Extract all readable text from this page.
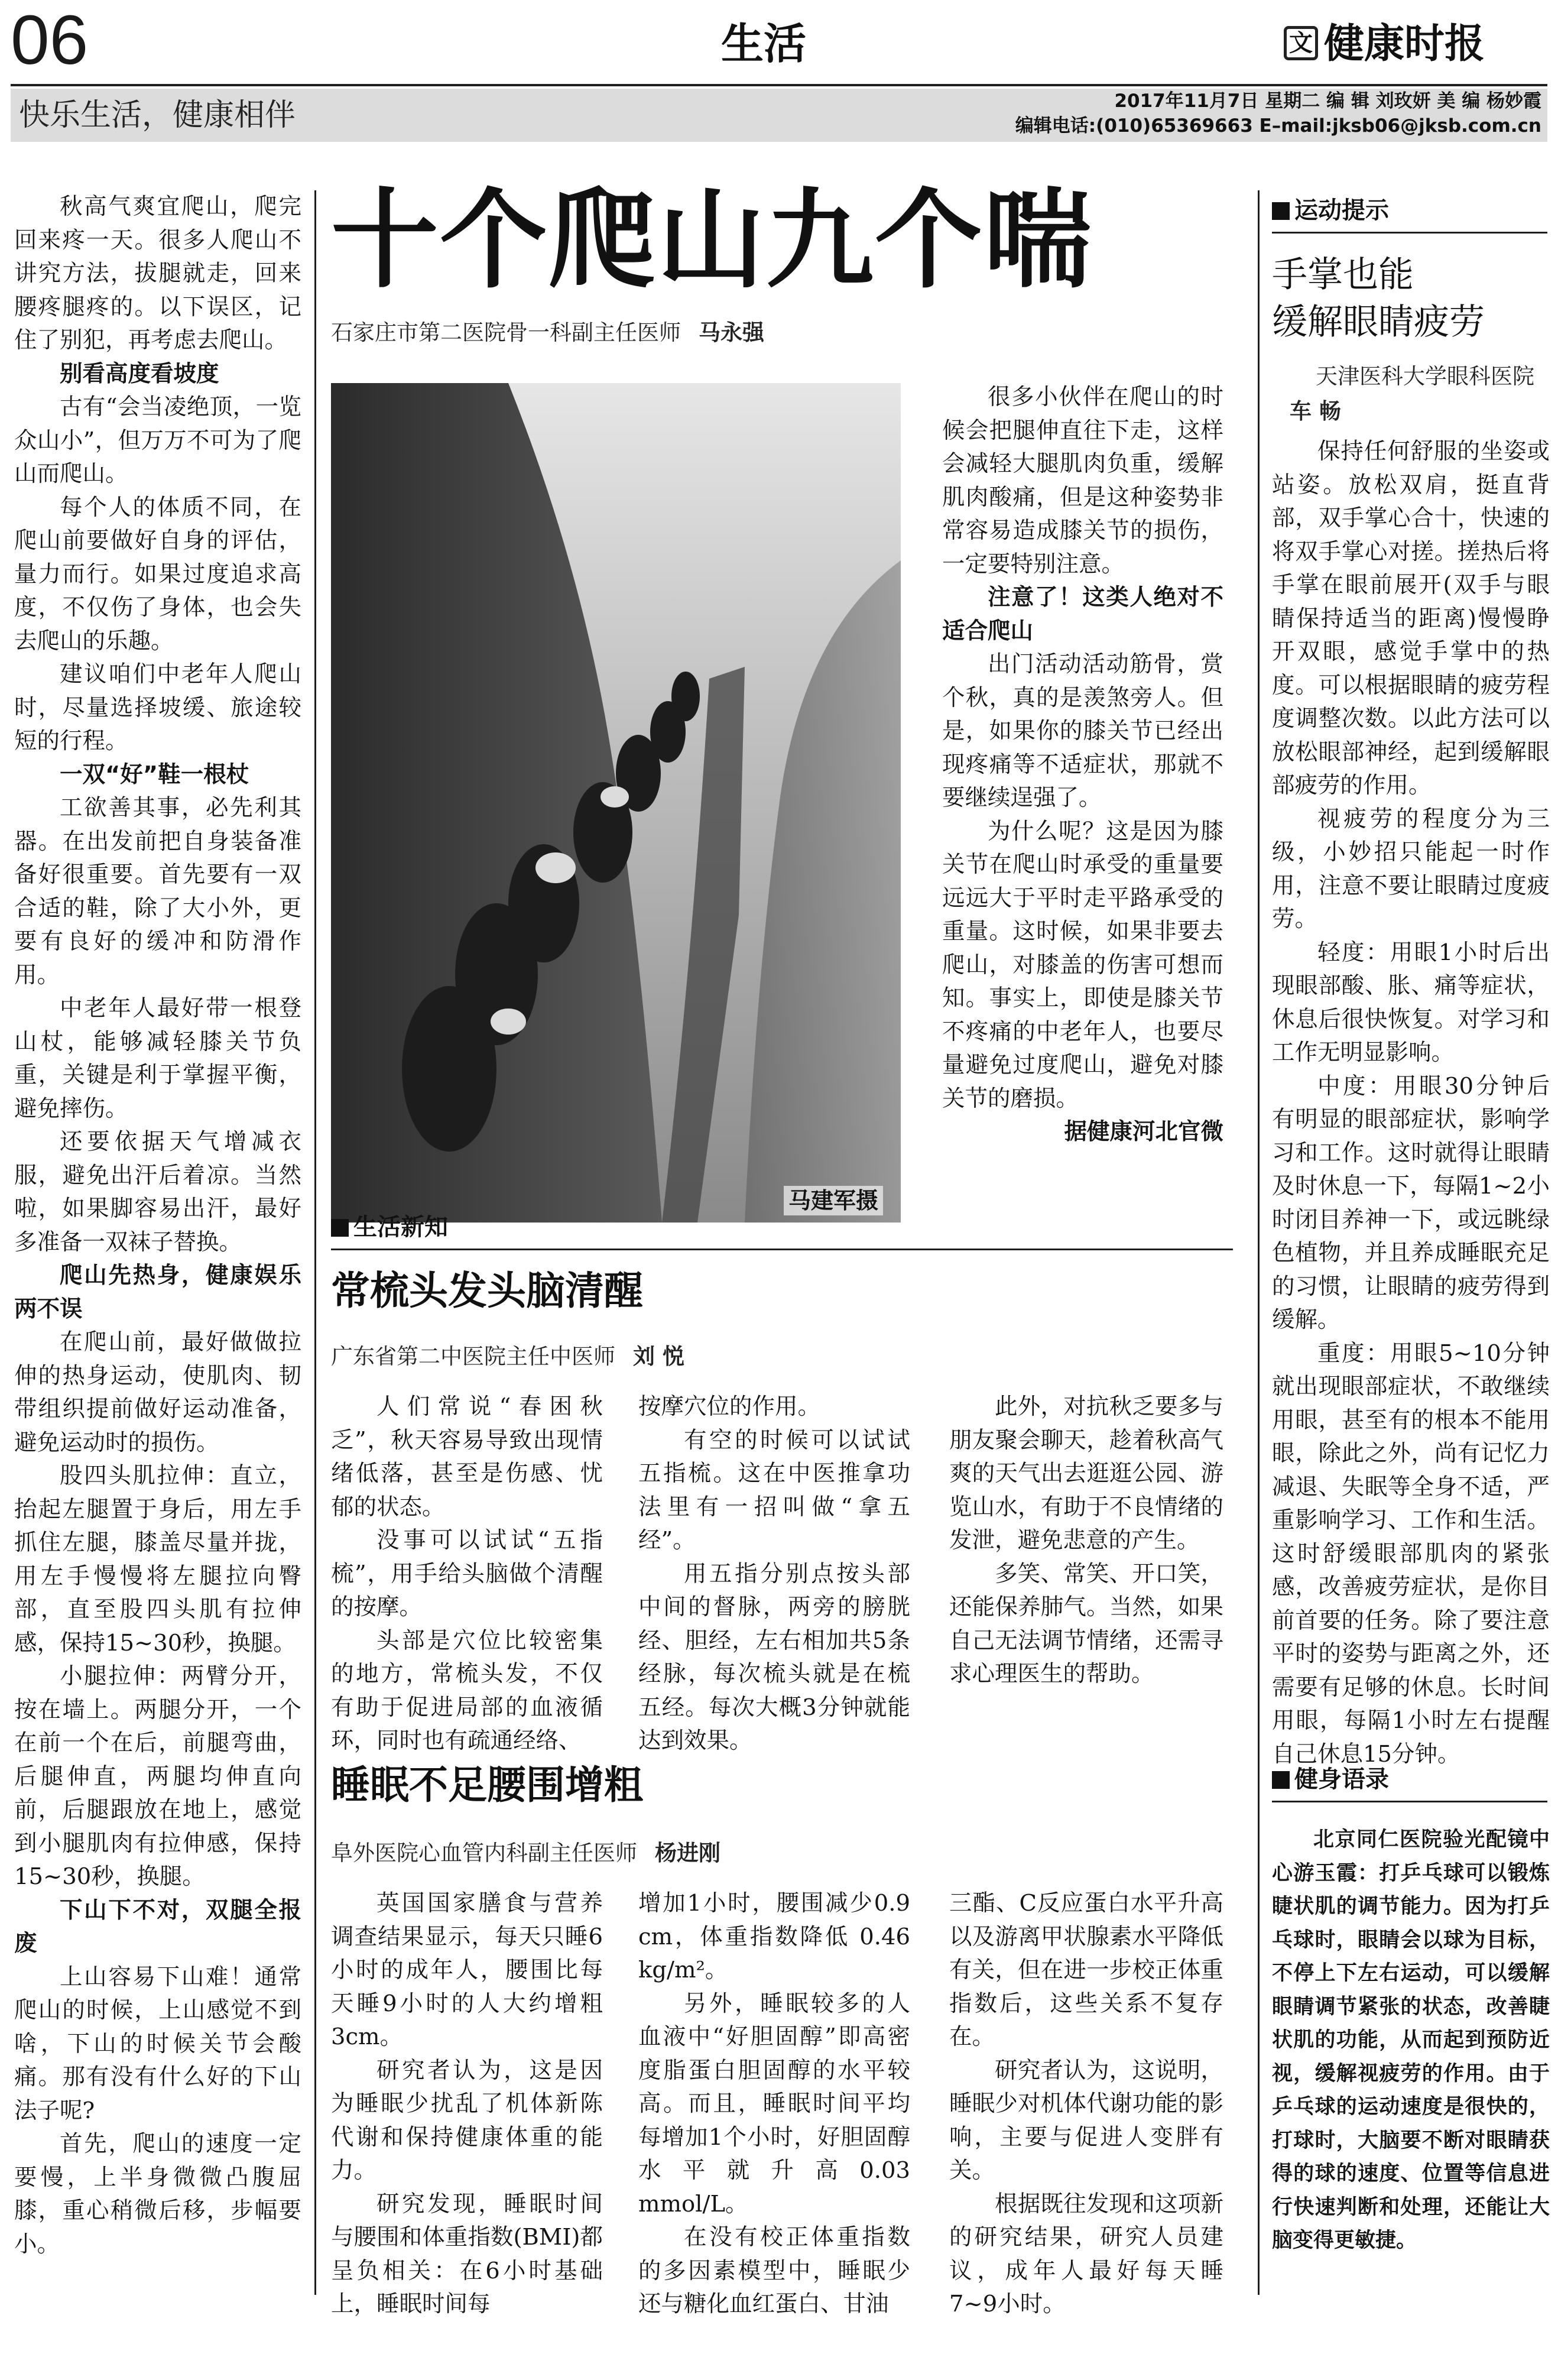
06	生活	文 健康时报
快乐生活，健康相伴	2017年11月7日 星期二 编 辑 刘玫妍 美 编 杨妙霞
编辑电话:(010)65369663 E–mail:jksb06@jksb.com.cn
十个爬山九个喘
石家庄市第二医院骨一科副主任医师 马永强

秋高气爽宜爬山，爬完回来疼一天。很多人爬山不讲究方法，拔腿就走，回来腰疼腿疼的。以下误区，记住了别犯，再考虑去爬山。

别看高度看坡度

古有“会当凌绝顶，一览众山小”，但万万不可为了爬山而爬山。

每个人的体质不同，在爬山前要做好自身的评估，量力而行。如果过度追求高度，不仅伤了身体，也会失去爬山的乐趣。

建议咱们中老年人爬山时，尽量选择坡缓、旅途较短的行程。

一双“好”鞋一根杖

工欲善其事，必先利其器。在出发前把自身装备准备好很重要。首先要有一双合适的鞋，除了大小外，更要有良好的缓冲和防滑作用。

中老年人最好带一根登山杖，能够减轻膝关节负重，关键是利于掌握平衡，避免摔伤。

还要依据天气增减衣服，避免出汗后着凉。当然啦，如果脚容易出汗，最好多准备一双袜子替换。

爬山先热身，健康娱乐两不误

在爬山前，最好做做拉伸的热身运动，使肌肉、韧带组织提前做好运动准备，避免运动时的损伤。

股四头肌拉伸：直立，抬起左腿置于身后，用左手抓住左腿，膝盖尽量并拢，用左手慢慢将左腿拉向臀部，直至股四头肌有拉伸感，保持15~30秒，换腿。

小腿拉伸：两臂分开，按在墙上。两腿分开，一个在前一个在后，前腿弯曲，后腿伸直，两腿均伸直向前，后腿跟放在地上，感觉到小腿肌肉有拉伸感，保持15~30秒，换腿。

下山下不对，双腿全报废

上山容易下山难！通常爬山的时候，上山感觉不到啥，下山的时候关节会酸痛。那有没有什么好的下山法子呢?

首先，爬山的速度一定要慢，上半身微微凸腹屈膝，重心稍微后移，步幅要小。

马建军摄

很多小伙伴在爬山的时候会把腿伸直往下走，这样会减轻大腿肌肉负重，缓解肌肉酸痛，但是这种姿势非常容易造成膝关节的损伤，一定要特别注意。

注意了！这类人绝对不适合爬山

出门活动活动筋骨，赏个秋，真的是羡煞旁人。但是，如果你的膝关节已经出现疼痛等不适症状，那就不要继续逞强了。

为什么呢？这是因为膝关节在爬山时承受的重量要远远大于平时走平路承受的重量。这时候，如果非要去爬山，对膝盖的伤害可想而知。事实上，即使是膝关节不疼痛的中老年人，也要尽量避免过度爬山，避免对膝关节的磨损。

据健康河北官微

生活新知
常梳头发头脑清醒
广东省第二中医院主任中医师 刘 悦

人们常说“春困秋乏”，秋天容易导致出现情绪低落，甚至是伤感、忧郁的状态。

没事可以试试“五指梳”，用手给头脑做个清醒的按摩。

头部是穴位比较密集的地方，常梳头发，不仅有助于促进局部的血液循环，同时也有疏通经络、

按摩穴位的作用。

有空的时候可以试试五指梳。这在中医推拿功法里有一招叫做“拿五经”。

用五指分别点按头部中间的督脉，两旁的膀胱经、胆经，左右相加共5条经脉，每次梳头就是在梳五经。每次大概3分钟就能达到效果。

此外，对抗秋乏要多与朋友聚会聊天，趁着秋高气爽的天气出去逛逛公园、游览山水，有助于不良情绪的发泄，避免悲意的产生。

多笑、常笑、开口笑，还能保养肺气。当然，如果自己无法调节情绪，还需寻求心理医生的帮助。

睡眠不足腰围增粗
阜外医院心血管内科副主任医师 杨进刚

英国国家膳食与营养调查结果显示，每天只睡6小时的成年人，腰围比每天睡9小时的人大约增粗3cm。

研究者认为，这是因为睡眠少扰乱了机体新陈代谢和保持健康体重的能力。

研究发现，睡眠时间与腰围和体重指数(BMI)都呈负相关：在6小时基础上，睡眠时间每

增加1小时，腰围减少0.9 cm，体重指数降低 0.46 kg/m²。

另外，睡眠较多的人血液中“好胆固醇”即高密度脂蛋白胆固醇的水平较高。而且，睡眠时间平均每增加1个小时，好胆固醇水平就升高0.03 mmol/L。

在没有校正体重指数的多因素模型中，睡眠少还与糖化血红蛋白、甘油

三酯、C反应蛋白水平升高以及游离甲状腺素水平降低有关，但在进一步校正体重指数后，这些关系不复存在。

研究者认为，这说明，睡眠少对机体代谢功能的影响，主要与促进人变胖有关。

根据既往发现和这项新的研究结果，研究人员建议，成年人最好每天睡7~9小时。

运动提示
手掌也能
缓解眼睛疲劳
天津医科大学眼科医院车 畅

保持任何舒服的坐姿或站姿。放松双肩，挺直背部，双手掌心合十，快速的将双手掌心对搓。搓热后将手掌在眼前展开(双手与眼睛保持适当的距离)慢慢睁开双眼，感觉手掌中的热度。可以根据眼睛的疲劳程度调整次数。以此方法可以放松眼部神经，起到缓解眼部疲劳的作用。

视疲劳的程度分为三级，小妙招只能起一时作用，注意不要让眼睛过度疲劳。

轻度：用眼1小时后出现眼部酸、胀、痛等症状，休息后很快恢复。对学习和工作无明显影响。

中度：用眼30分钟后有明显的眼部症状，影响学习和工作。这时就得让眼睛及时休息一下，每隔1~2小时闭目养神一下，或远眺绿色植物，并且养成睡眠充足的习惯，让眼睛的疲劳得到缓解。

重度：用眼5~10分钟就出现眼部症状，不敢继续用眼，甚至有的根本不能用眼，除此之外，尚有记忆力减退、失眠等全身不适，严重影响学习、工作和生活。这时舒缓眼部肌肉的紧张感，改善疲劳症状，是你目前首要的任务。除了要注意平时的姿势与距离之外，还需要有足够的休息。长时间用眼，每隔1小时左右提醒自己休息15分钟。

健身语录

北京同仁医院验光配镜中心游玉霞：打乒乓球可以锻炼睫状肌的调节能力。因为打乒乓球时，眼睛会以球为目标，不停上下左右运动，可以缓解眼睛调节紧张的状态，改善睫状肌的功能，从而起到预防近视，缓解视疲劳的作用。由于乒乓球的运动速度是很快的，打球时，大脑要不断对眼睛获得的球的速度、位置等信息进行快速判断和处理，还能让大脑变得更敏捷。
